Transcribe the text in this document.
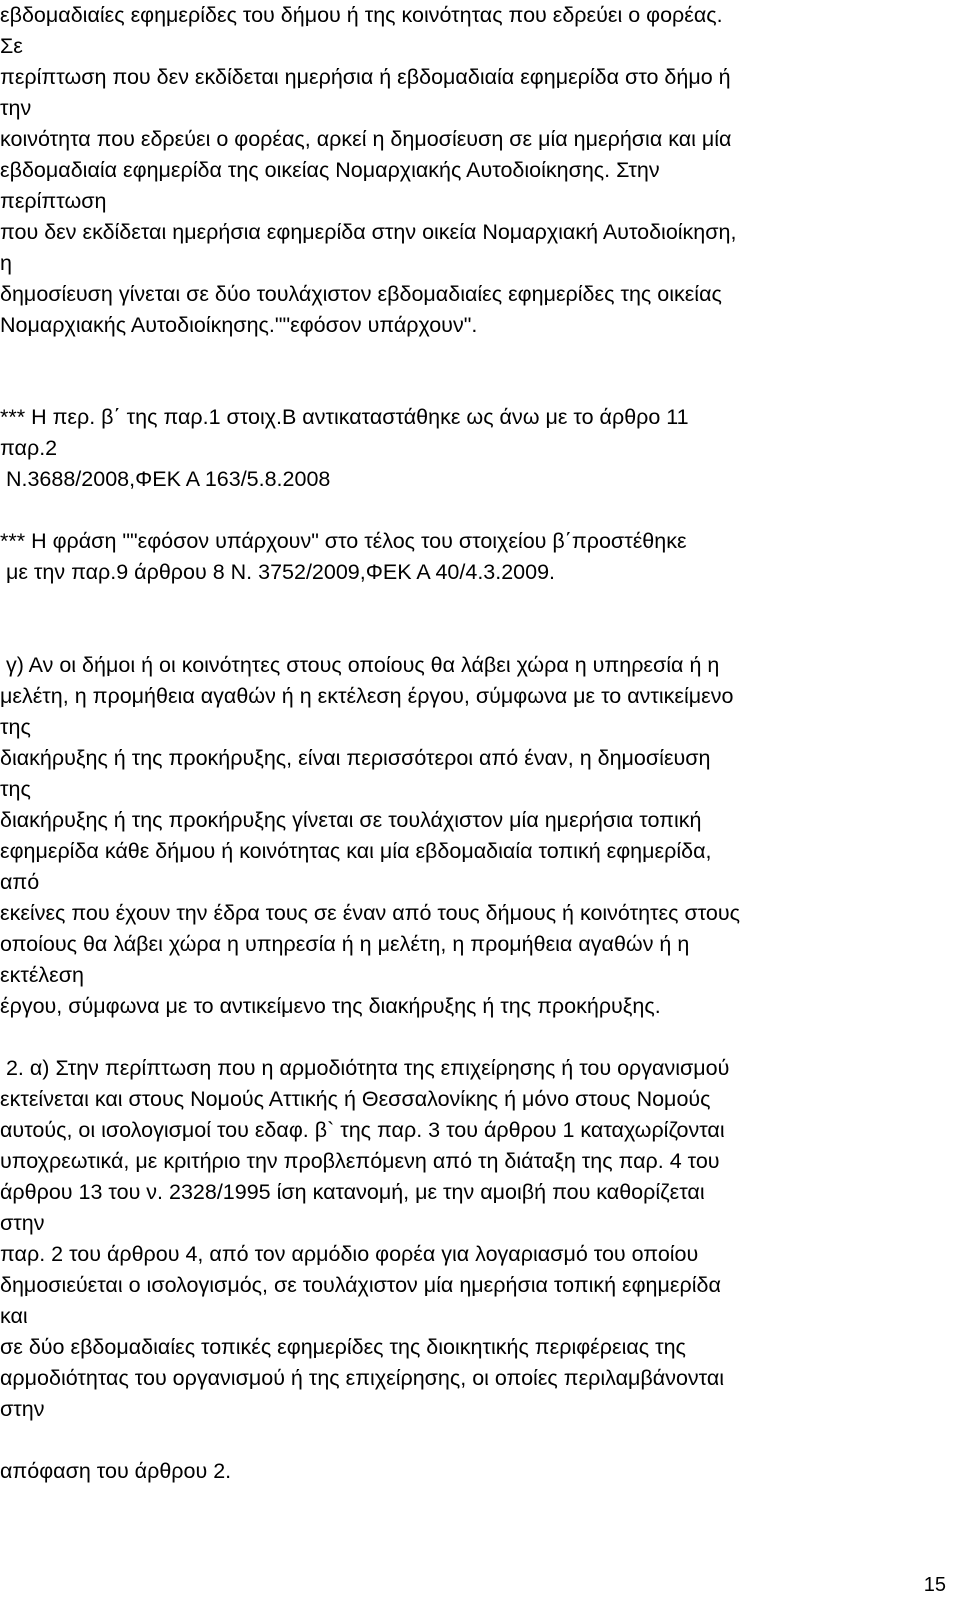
εβδομαδιαίες εφημερίδες του δήμου ή της κοινότητας που εδρεύει ο φορέας.
Σε
περίπτωση που δεν εκδίδεται ημερήσια ή εβδομαδιαία εφημερίδα στο δήμο ή
την
κοινότητα που εδρεύει ο φορέας, αρκεί η δημοσίευση σε μία ημερήσια και μία
εβδομαδιαία εφημερίδα της οικείας Νομαρχιακής Αυτοδιοίκησης. Στην
περίπτωση
που δεν εκδίδεται ημερήσια εφημερίδα στην οικεία Νομαρχιακή Αυτοδιοίκηση,
η
δημοσίευση γίνεται σε δύο τουλάχιστον εβδομαδιαίες εφημερίδες της οικείας
Νομαρχιακής Αυτοδιοίκησης.""εφόσον υπάρχουν".
*** Η περ. β΄ της παρ.1 στοιχ.Β αντικαταστάθηκε ως άνω με το άρθρο 11
παρ.2
Ν.3688/2008,ΦΕΚ Α 163/5.8.2008
*** Η φράση ""εφόσον υπάρχουν" στο τέλος του στοιχείου β΄προστέθηκε
με την παρ.9 άρθρου 8 Ν. 3752/2009,ΦΕΚ Α 40/4.3.2009.
γ) Αν οι δήμοι ή οι κοινότητες στους οποίους θα λάβει χώρα η υπηρεσία ή η
μελέτη, η προμήθεια αγαθών ή η εκτέλεση έργου, σύμφωνα με το αντικείμενο
της
διακήρυξης ή της προκήρυξης, είναι περισσότεροι από έναν, η δημοσίευση
της
διακήρυξης ή της προκήρυξης γίνεται σε τουλάχιστον μία ημερήσια τοπική
εφημερίδα κάθε δήμου ή κοινότητας και μία εβδομαδιαία τοπική εφημερίδα,
από
εκείνες που έχουν την έδρα τους σε έναν από τους δήμους ή κοινότητες στους
οποίους θα λάβει χώρα η υπηρεσία ή η μελέτη, η προμήθεια αγαθών ή η
εκτέλεση
έργου, σύμφωνα με το αντικείμενο της διακήρυξης ή της προκήρυξης.
2. α) Στην περίπτωση που η αρμοδιότητα της επιχείρησης ή του οργανισμού
εκτείνεται και στους Νομούς Αττικής ή Θεσσαλονίκης ή μόνο στους Νομούς
αυτούς, οι ισολογισμοί του εδαφ. β` της παρ. 3 του άρθρου 1 καταχωρίζονται
υποχρεωτικά, με κριτήριο την προβλεπόμενη από τη διάταξη της παρ. 4 του
άρθρου 13 του ν. 2328/1995 ίση κατανομή, με την αμοιβή που καθορίζεται
στην
παρ. 2 του άρθρου 4, από τον αρμόδιο φορέα για λογαριασμό του οποίου
δημοσιεύεται ο ισολογισμός, σε τουλάχιστον μία ημερήσια τοπική εφημερίδα
και
σε δύο εβδομαδιαίες τοπικές εφημερίδες της διοικητικής περιφέρειας της
αρμοδιότητας του οργανισμού ή της επιχείρησης, οι οποίες περιλαμβάνονται
στην
απόφαση του άρθρου 2.
15
